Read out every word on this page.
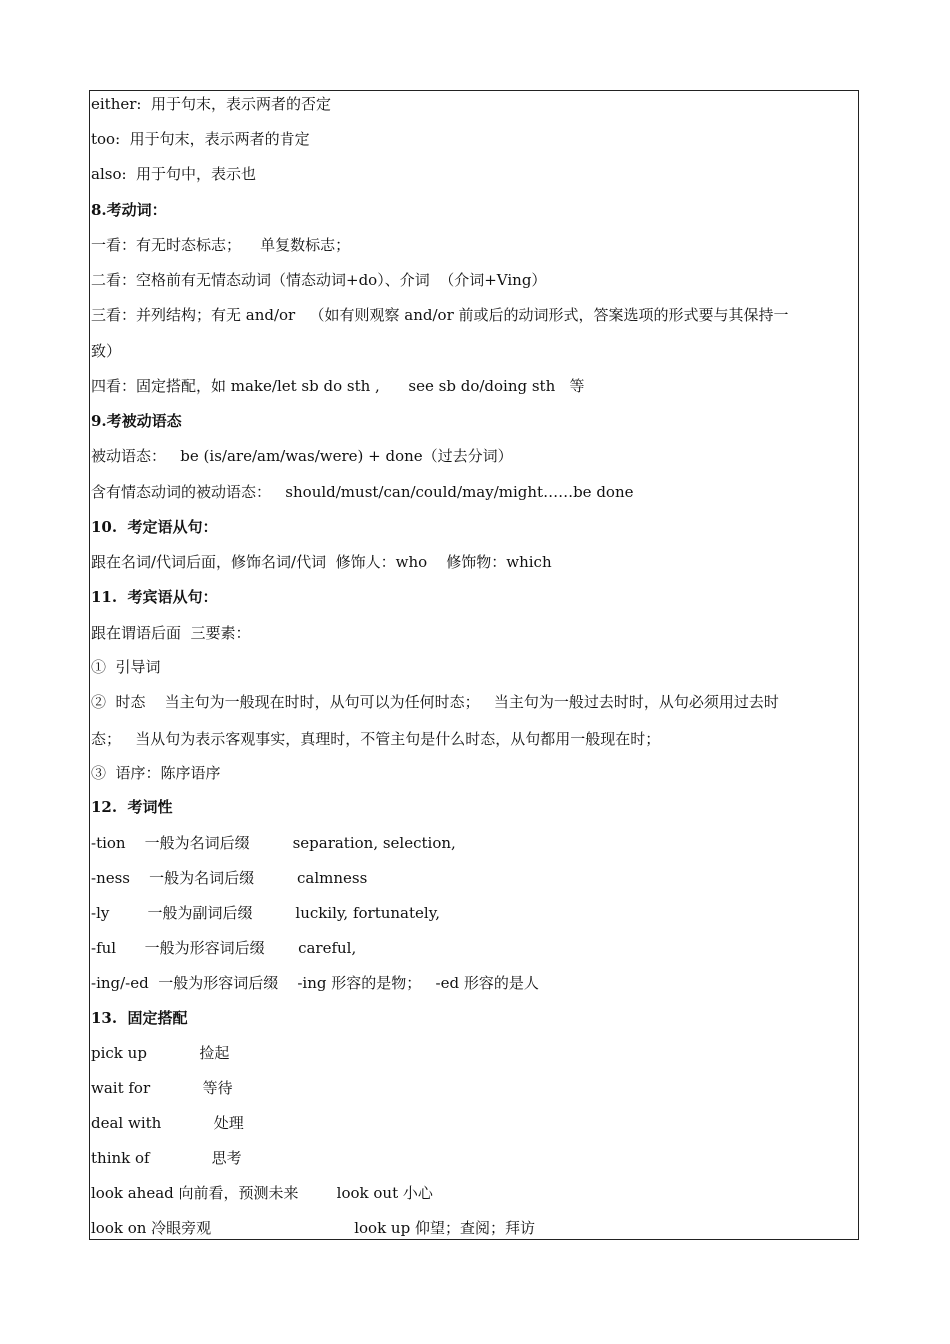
either:  用于句末，表示两者的否定
too:  用于句末，表示两者的肯定
also:  用于句中，表示也
8.考动词：
一看：有无时态标志；    单复数标志；
二看：空格前有无情态动词（情态动词+do）、介词  （介词+Ving）
三看：并列结构；有无 and/or   （如有则观察 and/or 前或后的动词形式，答案选项的形式要与其保持一
致）
四看：固定搭配，如 make/let sb do sth ,      see sb do/doing sth   等
9.考被动语态
被动语态：   be (is/are/am/was/were) + done（过去分词）
含有情态动词的被动语态：   should/must/can/could/may/might……be done
10.  考定语从句：
跟在名词/代词后面，修饰名词/代词  修饰人：who    修饰物：which
11.  考宾语从句：
跟在谓语后面  三要素：
①  引导词
②  时态    当主句为一般现在时时，从句可以为任何时态；   当主句为一般过去时时，从句必须用过去时
态；   当从句为表示客观事实，真理时，不管主句是什么时态，从句都用一般现在时；
③  语序：陈序语序
12.  考词性
-tion    一般为名词后缀         separation, selection,
-ness    一般为名词后缀         calmness
-ly        一般为副词后缀         luckily, fortunately,
-ful      一般为形容词后缀       careful,
-ing/-ed  一般为形容词后缀    -ing 形容的是物；   -ed 形容的是人
13.  固定搭配
pick up           捡起
wait for           等待
deal with           处理
think of             思考
look ahead 向前看，预测未来        look out 小心
look on 冷眼旁观                              look up 仰望；查阅；拜访
